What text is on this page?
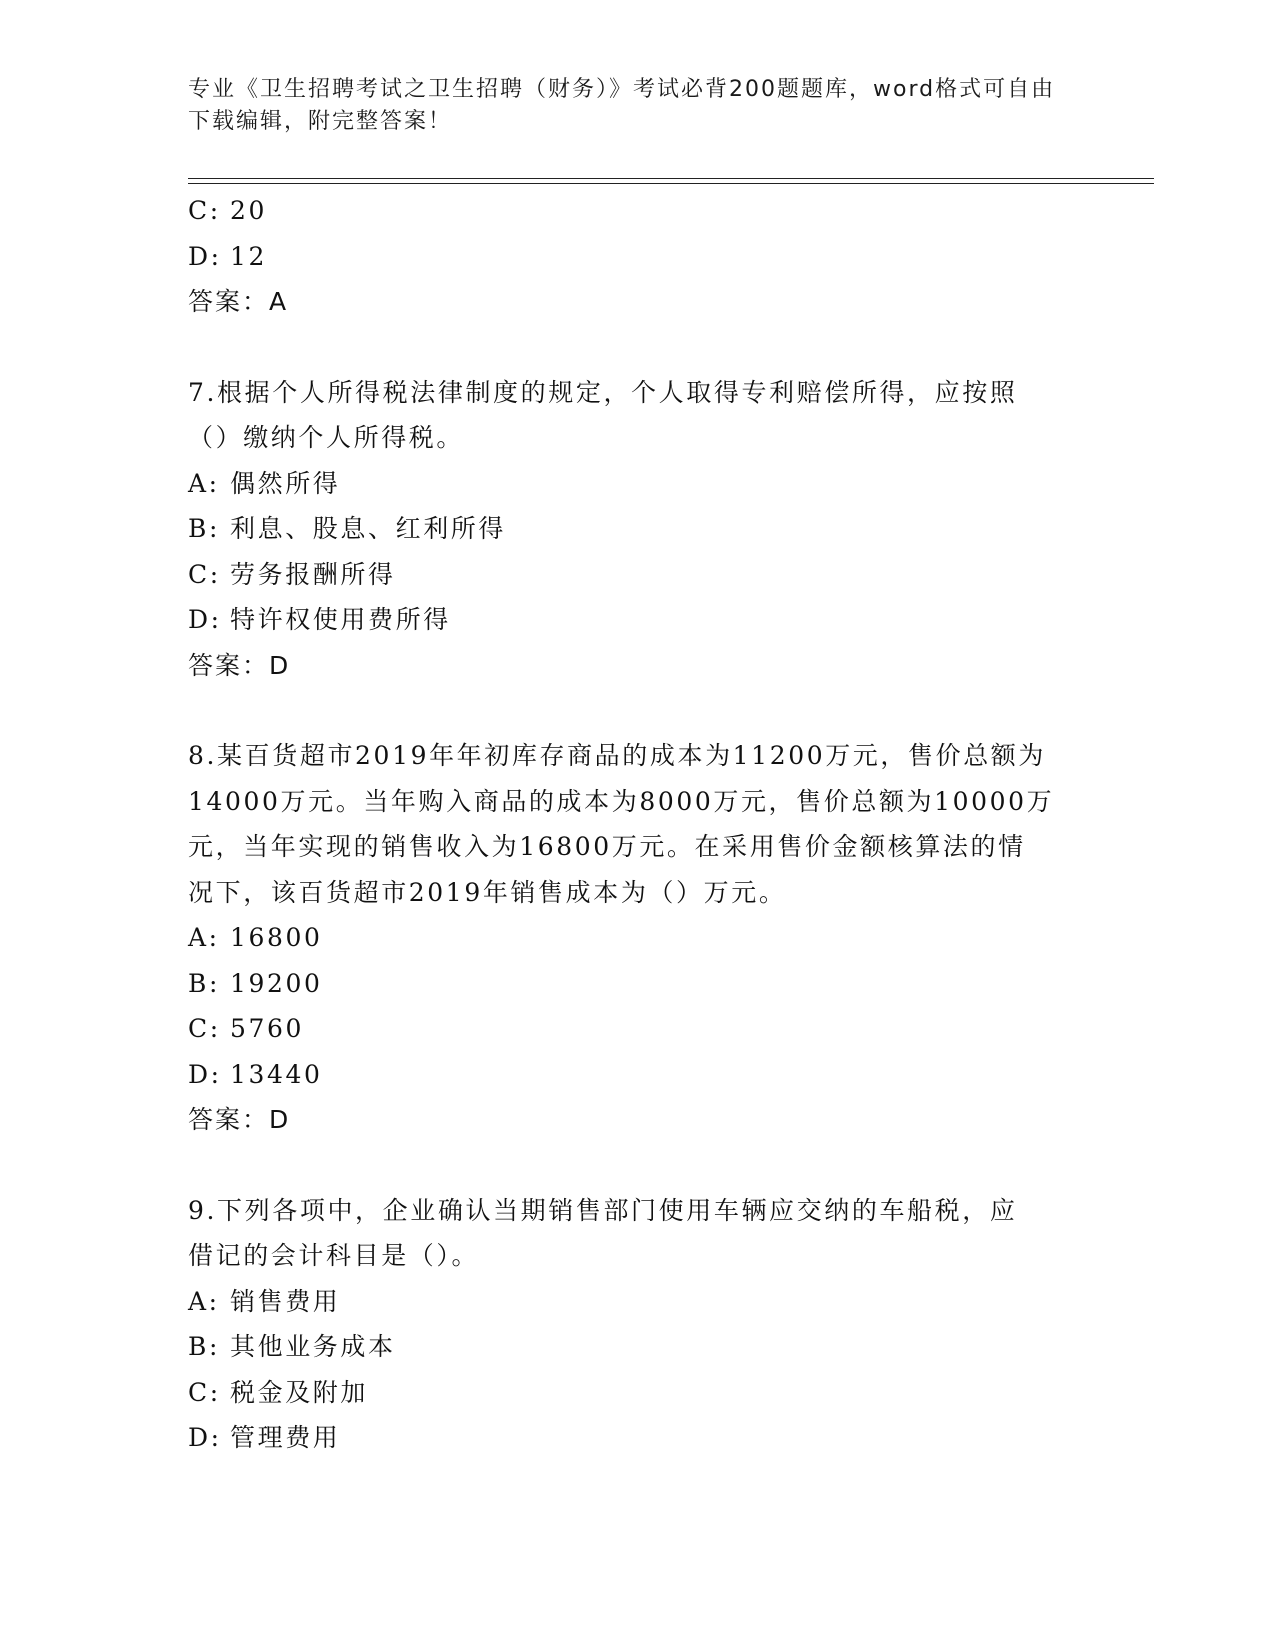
专业《卫生招聘考试之卫生招聘（财务）》考试必背200题题库，word格式可自由下载编辑，附完整答案！
C: 20
D: 12
答案：A
7.根据个人所得税法律制度的规定，个人取得专利赔偿所得，应按照
（）缴纳个人所得税。
A: 偶然所得
B: 利息、股息、红利所得
C: 劳务报酬所得
D: 特许权使用费所得
答案：D
8.某百货超市2019年年初库存商品的成本为11200万元，售价总额为
14000万元。当年购入商品的成本为8000万元，售价总额为10000万
元，当年实现的销售收入为16800万元。在采用售价金额核算法的情
况下，该百货超市2019年销售成本为（）万元。
A: 16800
B: 19200
C: 5760
D: 13440
答案：D
9.下列各项中，企业确认当期销售部门使用车辆应交纳的车船税，应
借记的会计科目是（）。
A: 销售费用
B: 其他业务成本
C: 税金及附加
D: 管理费用
